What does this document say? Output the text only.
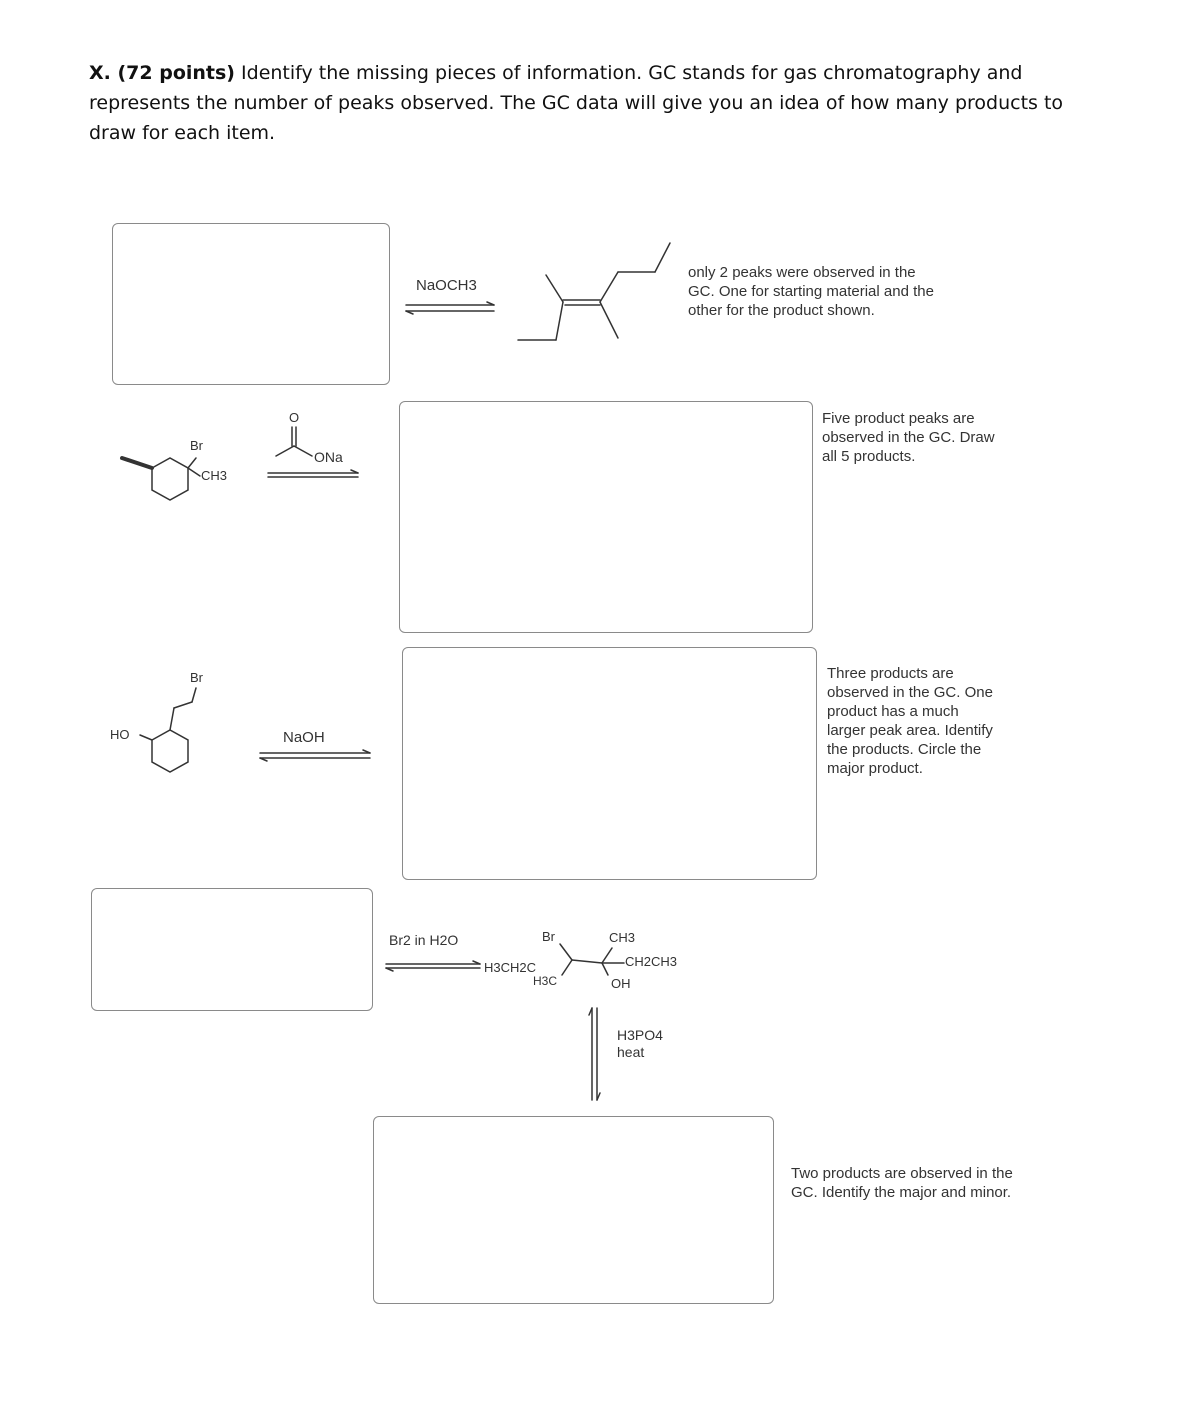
X. (72 points) Identify the missing pieces of information. GC stands for gas chromatography and represents the number of peaks observed. The GC data will give you an idea of how many products to draw for each item.
NaOCH3
only 2 peaks were observed in the GC. One for starting material and the other for the product shown.
Br
CH3
O
ONa
Five product peaks are observed in the GC. Draw all 5 products.
Br
HO	NaOH
Three products are observed in the GC. One product has a much larger peak area. Identify the products. Circle the major product.
Br2 in H2O	Br	CH3
CH2CH3
H3CH2C
H3C	OH
H3PO4
heat
Two products are observed in the GC. Identify the major and minor.
